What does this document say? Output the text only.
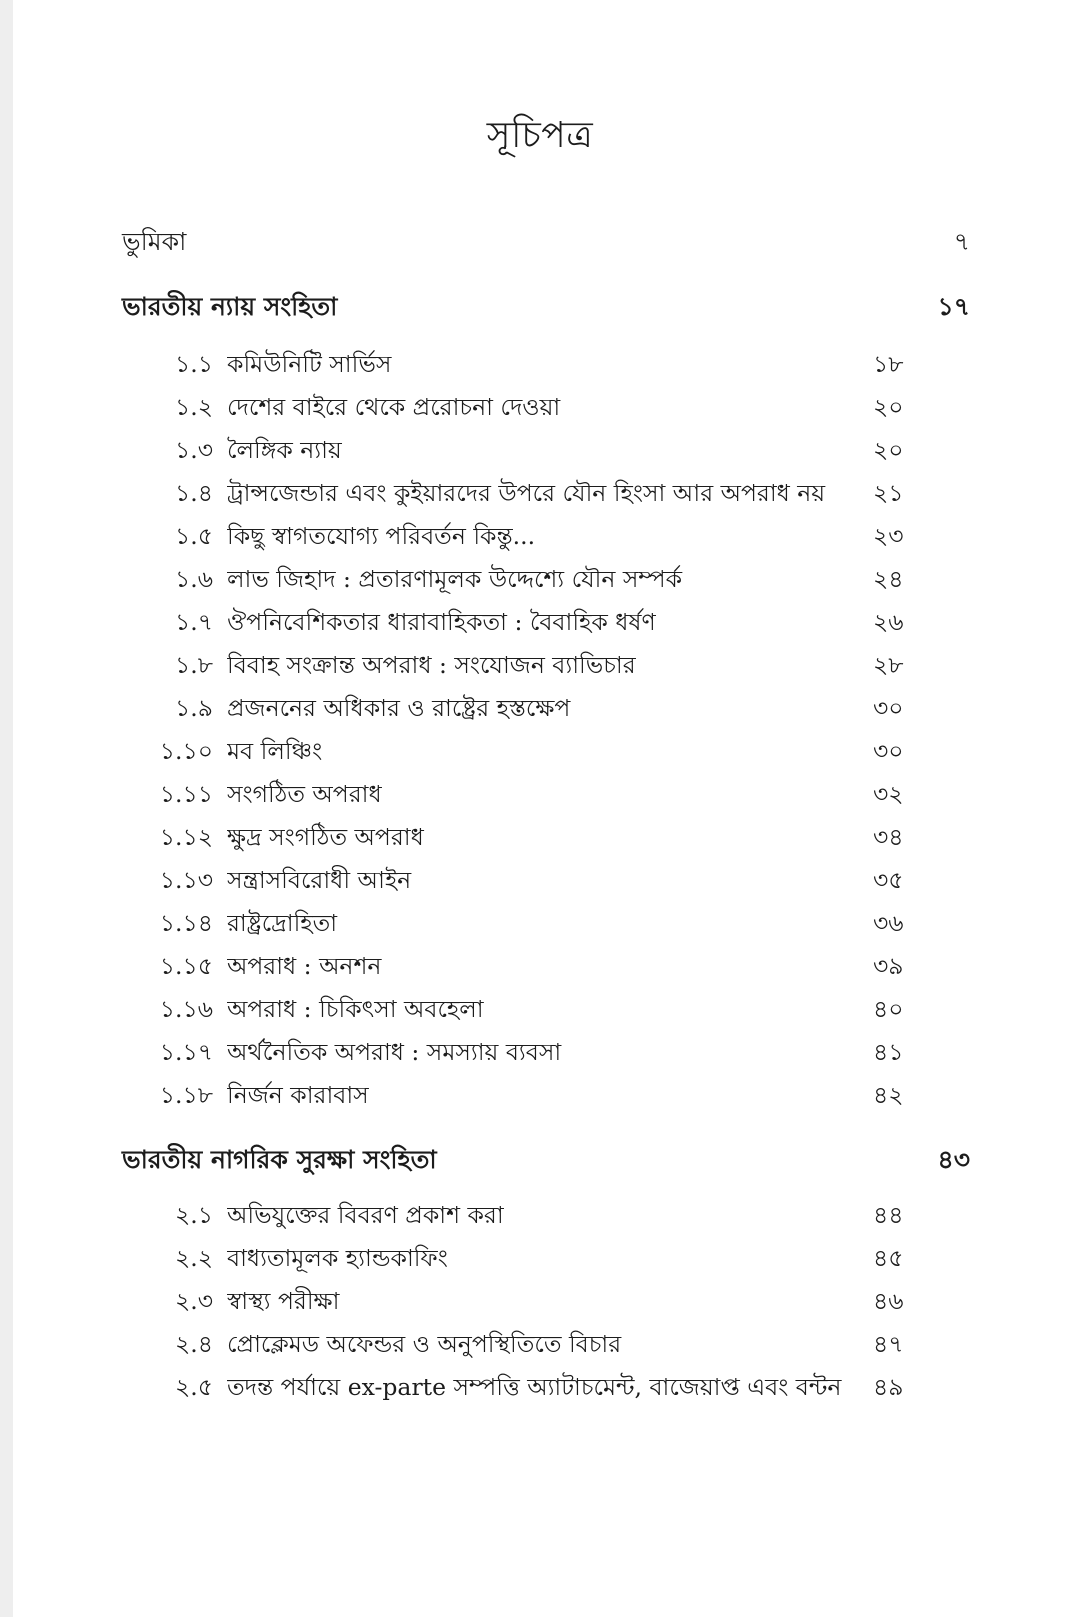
সূচিপত্র
ভুমিকা	৭
ভারতীয় ন্যায় সংহিতা	১৭
১.১ কমিউনিটি সার্ভিস	১৮
১.২ দেশের বাইরে থেকে প্ররোচনা দেওয়া	২০
১.৩ লৈঙ্গিক ন্যায়	২০
১.৪ ট্রান্সজেন্ডার এবং কুইয়ারদের উপরে যৌন হিংসা আর অপরাধ নয়	২১
১.৫ কিছু স্বাগতযোগ্য পরিবর্তন কিন্তু...	২৩
১.৬ লাভ জিহাদ : প্রতারণামূলক উদ্দেশ্যে যৌন সম্পর্ক	২৪
১.৭ ঔপনিবেশিকতার ধারাবাহিকতা : বৈবাহিক ধর্ষণ	২৬
১.৮ বিবাহ সংক্রান্ত অপরাধ : সংযোজন ব্যাভিচার	২৮
১.৯ প্রজননের অধিকার ও রাষ্ট্রের হস্তক্ষেপ	৩০
১.১০ মব লিঞ্চিং	৩০
১.১১ সংগঠিত অপরাধ	৩২
১.১২ ক্ষুদ্র সংগঠিত অপরাধ	৩৪
১.১৩ সন্ত্রাসবিরোধী আইন	৩৫
১.১৪ রাষ্ট্রদ্রোহিতা	৩৬
১.১৫ অপরাধ : অনশন	৩৯
১.১৬ অপরাধ : চিকিৎসা অবহেলা	৪০
১.১৭ অর্থনৈতিক অপরাধ : সমস্যায় ব্যবসা	৪১
১.১৮ নির্জন কারাবাস	৪২
ভারতীয় নাগরিক সুরক্ষা সংহিতা	৪৩
২.১ অভিযুক্তের বিবরণ প্রকাশ করা	৪৪
২.২ বাধ্যতামূলক হ্যান্ডকাফিং	৪৫
২.৩ স্বাস্থ্য পরীক্ষা	৪৬
২.৪ প্রোক্লেমড অফেন্ডর ও অনুপস্থিতিতে বিচার	৪৭
২.৫ তদন্ত পর্যায়ে ex-parte সম্পত্তি অ্যাটাচমেন্ট, বাজেয়াপ্ত এবং বন্টন	৪৯
